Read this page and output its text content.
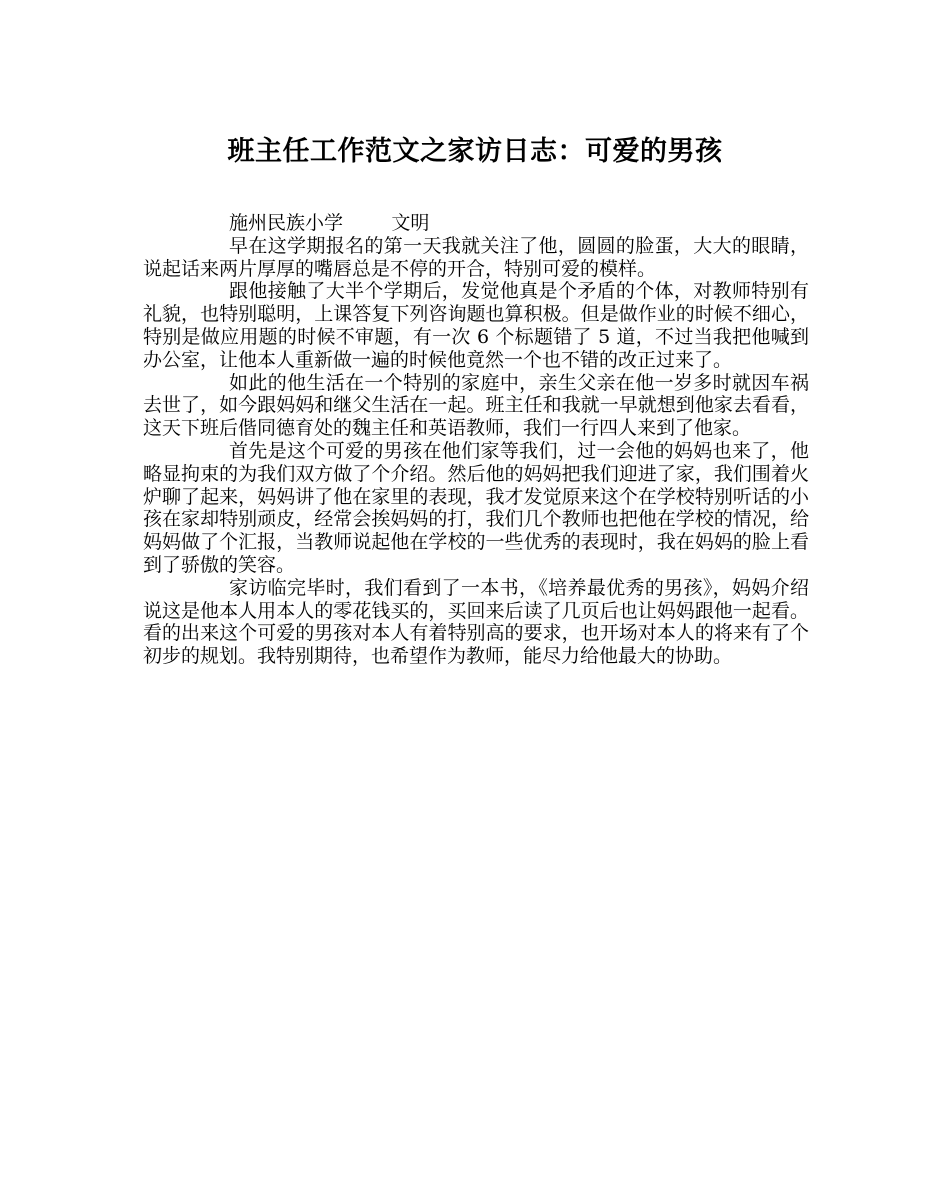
班主任工作范文之家访日志：可爱的男孩

施州民族小学        文明

早在这学期报名的第一天我就关注了他，圆圆的脸蛋，大大的眼睛，说起话来两片厚厚的嘴唇总是不停的开合，特别可爱的模样。

跟他接触了大半个学期后，发觉他真是个矛盾的个体，对教师特别有礼貌，也特别聪明，上课答复下列咨询题也算积极。但是做作业的时候不细心，特别是做应用题的时候不审题，有一次 6 个标题错了 5 道，不过当我把他喊到办公室，让他本人重新做一遍的时候他竟然一个也不错的改正过来了。

如此的他生活在一个特别的家庭中，亲生父亲在他一岁多时就因车祸去世了，如今跟妈妈和继父生活在一起。班主任和我就一早就想到他家去看看，这天下班后偕同德育处的魏主任和英语教师，我们一行四人来到了他家。

首先是这个可爱的男孩在他们家等我们，过一会他的妈妈也来了，他略显拘束的为我们双方做了个介绍。然后他的妈妈把我们迎进了家，我们围着火炉聊了起来，妈妈讲了他在家里的表现，我才发觉原来这个在学校特别听话的小孩在家却特别顽皮，经常会挨妈妈的打，我们几个教师也把他在学校的情况，给妈妈做了个汇报，当教师说起他在学校的一些优秀的表现时，我在妈妈的脸上看到了骄傲的笑容。

家访临完毕时，我们看到了一本书，《培养最优秀的男孩》，妈妈介绍说这是他本人用本人的零花钱买的，买回来后读了几页后也让妈妈跟他一起看。看的出来这个可爱的男孩对本人有着特别高的要求，也开场对本人的将来有了个初步的规划。我特别期待，也希望作为教师，能尽力给他最大的协助。
